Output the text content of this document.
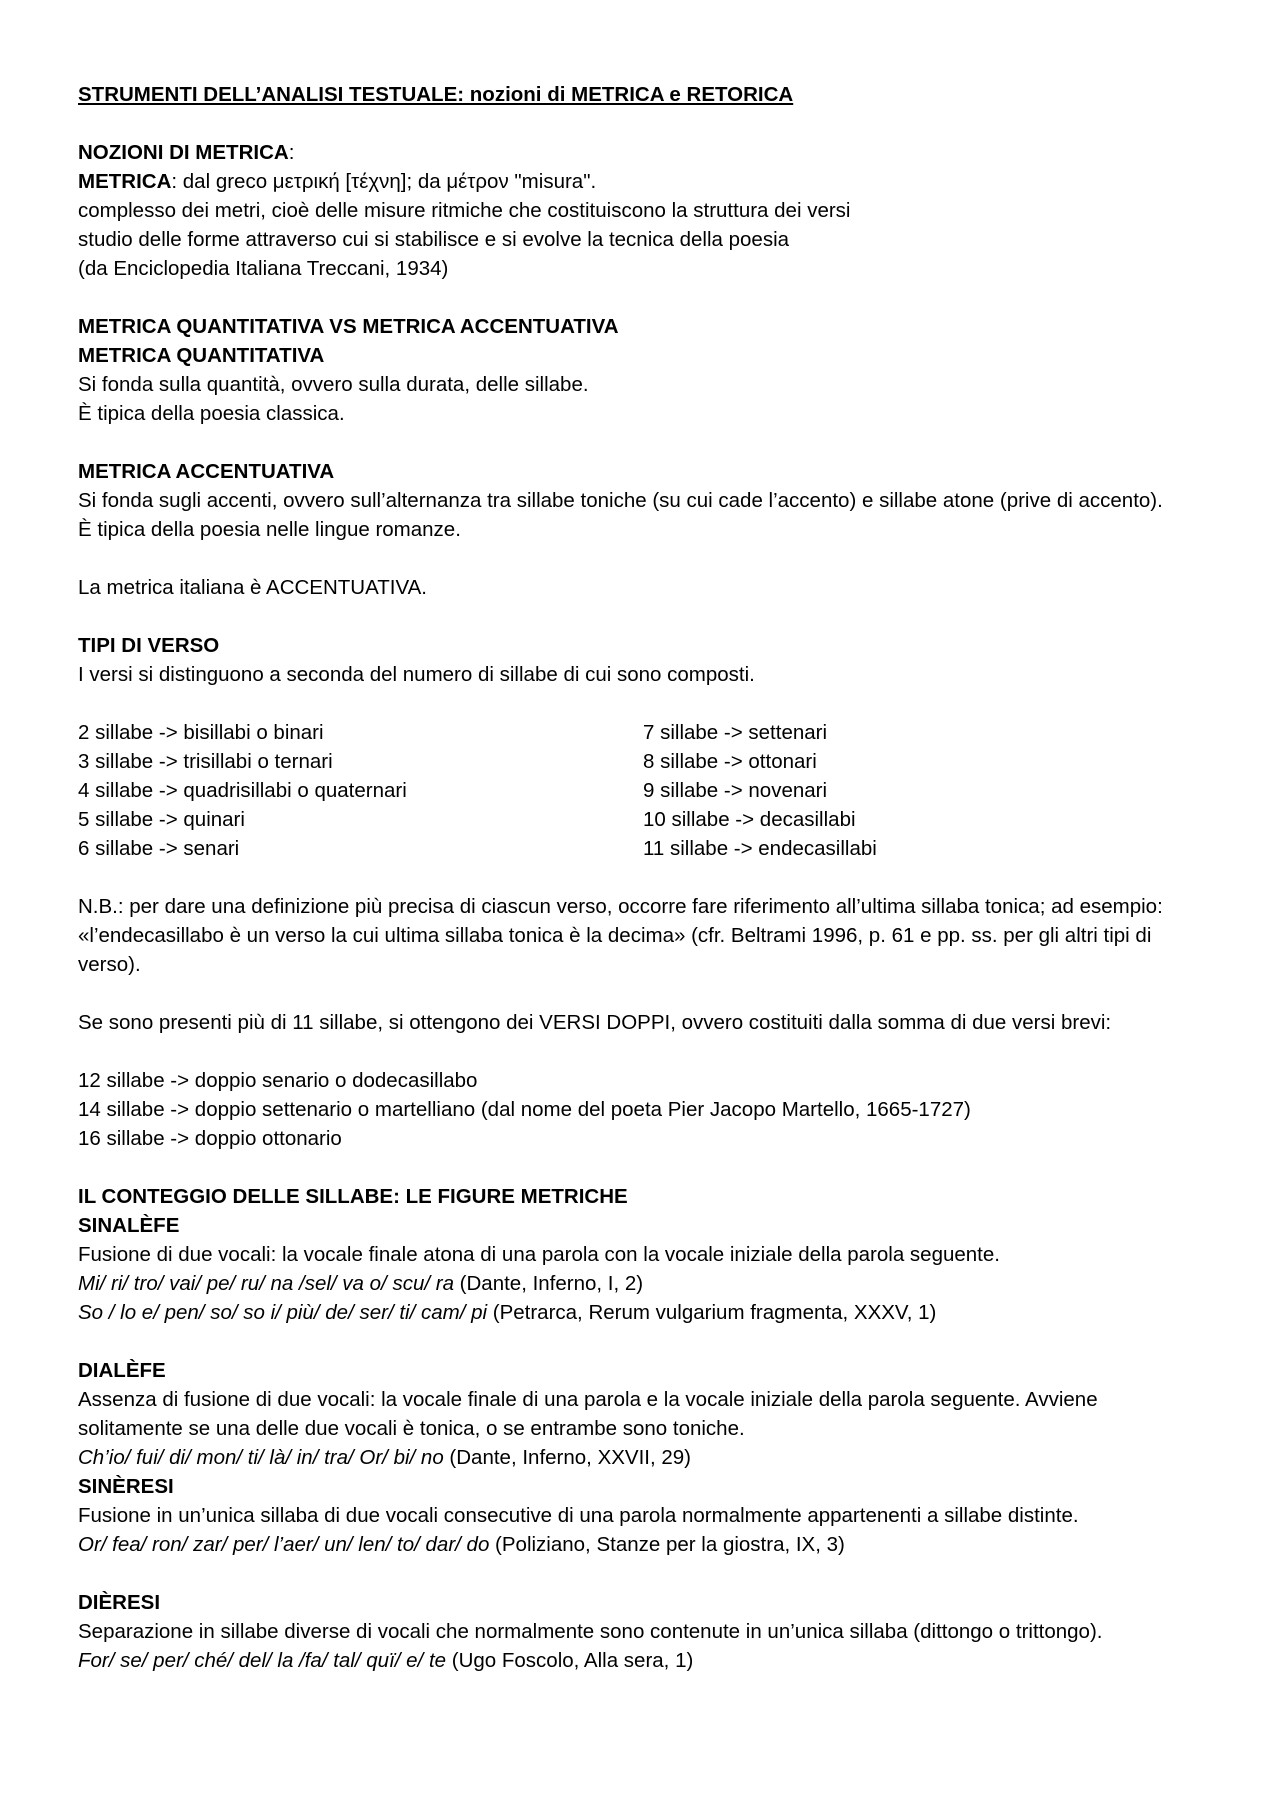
STRUMENTI DELL’ANALISI TESTUALE: nozioni di METRICA e RETORICA

NOZIONI DI METRICA:

METRICA: dal greco μετρική [τέχνη]; da μέτρον "misura".

complesso dei metri, cioè delle misure ritmiche che costituiscono la struttura dei versi

studio delle forme attraverso cui si stabilisce e si evolve la tecnica della poesia

(da Enciclopedia Italiana Treccani, 1934)

METRICA QUANTITATIVA VS METRICA ACCENTUATIVA

METRICA QUANTITATIVA

Si fonda sulla quantità, ovvero sulla durata, delle sillabe.

È tipica della poesia classica.

METRICA ACCENTUATIVA

Si fonda sugli accenti, ovvero sull’alternanza tra sillabe toniche (su cui cade l’accento) e sillabe atone (prive di accento).

È tipica della poesia nelle lingue romanze.

La metrica italiana è ACCENTUATIVA.

TIPI DI VERSO

I versi si distinguono a seconda del numero di sillabe di cui sono composti.

2 sillabe -> bisillabi o binari

3 sillabe -> trisillabi o ternari

4 sillabe -> quadrisillabi o quaternari

5 sillabe -> quinari

6 sillabe -> senari

7 sillabe -> settenari

8 sillabe -> ottonari

9 sillabe -> novenari

10 sillabe -> decasillabi

11 sillabe -> endecasillabi

N.B.: per dare una definizione più precisa di ciascun verso, occorre fare riferimento all’ultima sillaba tonica; ad esempio: «l’endecasillabo è un verso la cui ultima sillaba tonica è la decima» (cfr. Beltrami 1996, p. 61 e pp. ss. per gli altri tipi di verso).

Se sono presenti più di 11 sillabe, si ottengono dei VERSI DOPPI, ovvero costituiti dalla somma di due versi brevi:

12 sillabe -> doppio senario o dodecasillabo

14 sillabe -> doppio settenario o martelliano (dal nome del poeta Pier Jacopo Martello, 1665-1727)

16 sillabe -> doppio ottonario

IL CONTEGGIO DELLE SILLABE: LE FIGURE METRICHE

SINALÈFE

Fusione di due vocali: la vocale finale atona di una parola con la vocale iniziale della parola seguente.

Mi/ ri/ tro/ vai/ pe/ ru/ na /sel/ va o/ scu/ ra (Dante, Inferno, I, 2)

So / lo e/ pen/ so/ so i/ più/ de/ ser/ ti/ cam/ pi (Petrarca, Rerum vulgarium fragmenta, XXXV, 1)

DIALÈFE

Assenza di fusione di due vocali: la vocale finale di una parola e la vocale iniziale della parola seguente. Avviene solitamente se una delle due vocali è tonica, o se entrambe sono toniche.

Ch’io/ fui/ di/ mon/ ti/ là/ in/ tra/ Or/ bi/ no (Dante, Inferno, XXVII, 29)

SINÈRESI

Fusione in un’unica sillaba di due vocali consecutive di una parola normalmente appartenenti a sillabe distinte.

Or/ fea/ ron/ zar/ per/ l’aer/ un/ len/ to/ dar/ do (Poliziano, Stanze per la giostra, IX, 3)

DIÈRESI

Separazione in sillabe diverse di vocali che normalmente sono contenute in un’unica sillaba (dittongo o trittongo).

For/ se/ per/ ché/ del/ la /fa/ tal/ quï/ e/ te (Ugo Foscolo, Alla sera, 1)
